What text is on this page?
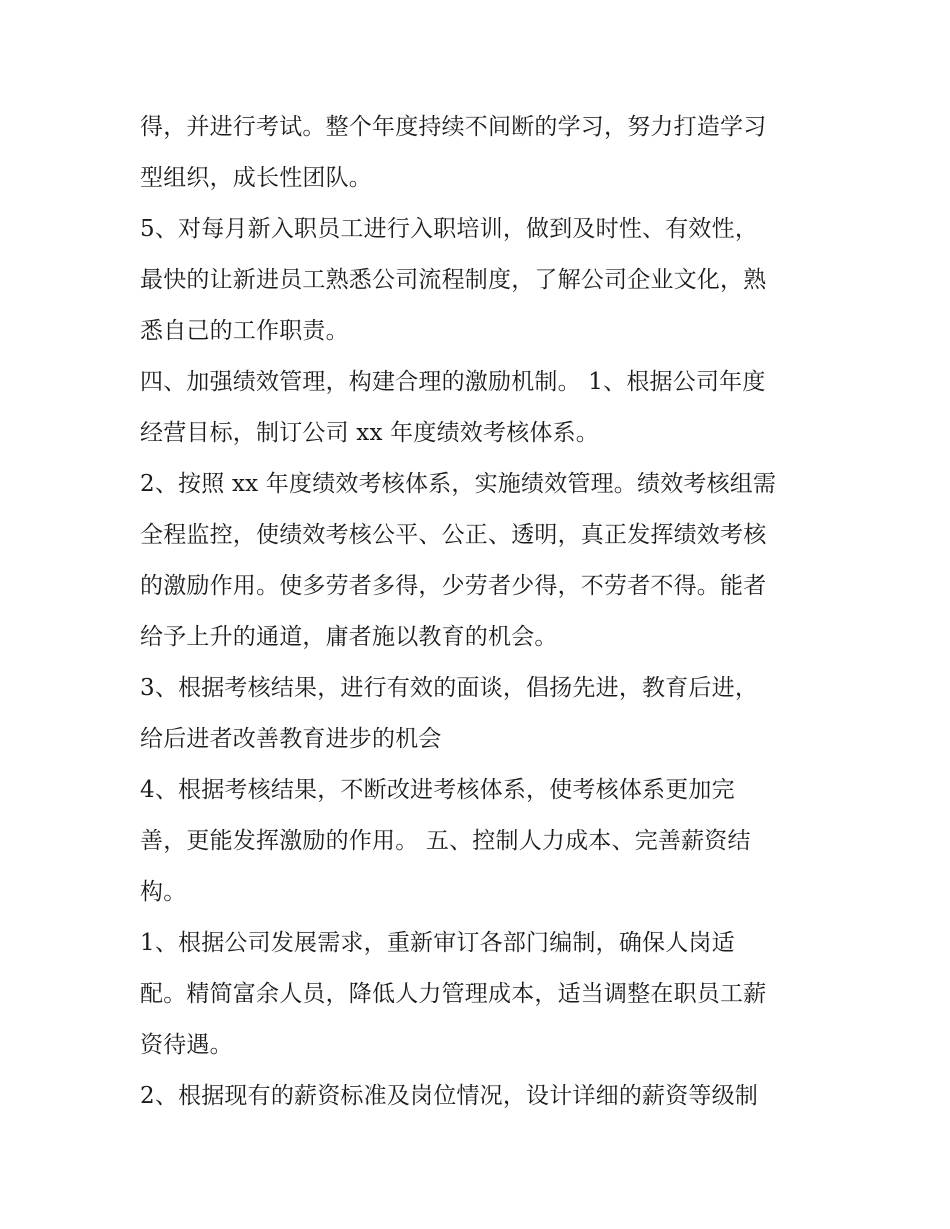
得，并进行考试。整个年度持续不间断的学习，努力打造学习
型组织，成长性团队。
5、对每月新入职员工进行入职培训，做到及时性、有效性，
最快的让新进员工熟悉公司流程制度，了解公司企业文化，熟
悉自己的工作职责。
四、加强绩效管理，构建合理的激励机制。 1、根据公司年度
经营目标，制订公司 xx 年度绩效考核体系。
2、按照 xx 年度绩效考核体系，实施绩效管理。绩效考核组需
全程监控，使绩效考核公平、公正、透明，真正发挥绩效考核
的激励作用。使多劳者多得，少劳者少得，不劳者不得。能者
给予上升的通道，庸者施以教育的机会。
3、根据考核结果，进行有效的面谈，倡扬先进，教育后进，
给后进者改善教育进步的机会
4、根据考核结果，不断改进考核体系，使考核体系更加完
善，更能发挥激励的作用。 五、控制人力成本、完善薪资结
构。
1、根据公司发展需求，重新审订各部门编制，确保人岗适
配。精简富余人员，降低人力管理成本，适当调整在职员工薪
资待遇。
2、根据现有的薪资标准及岗位情况，设计详细的薪资等级制
